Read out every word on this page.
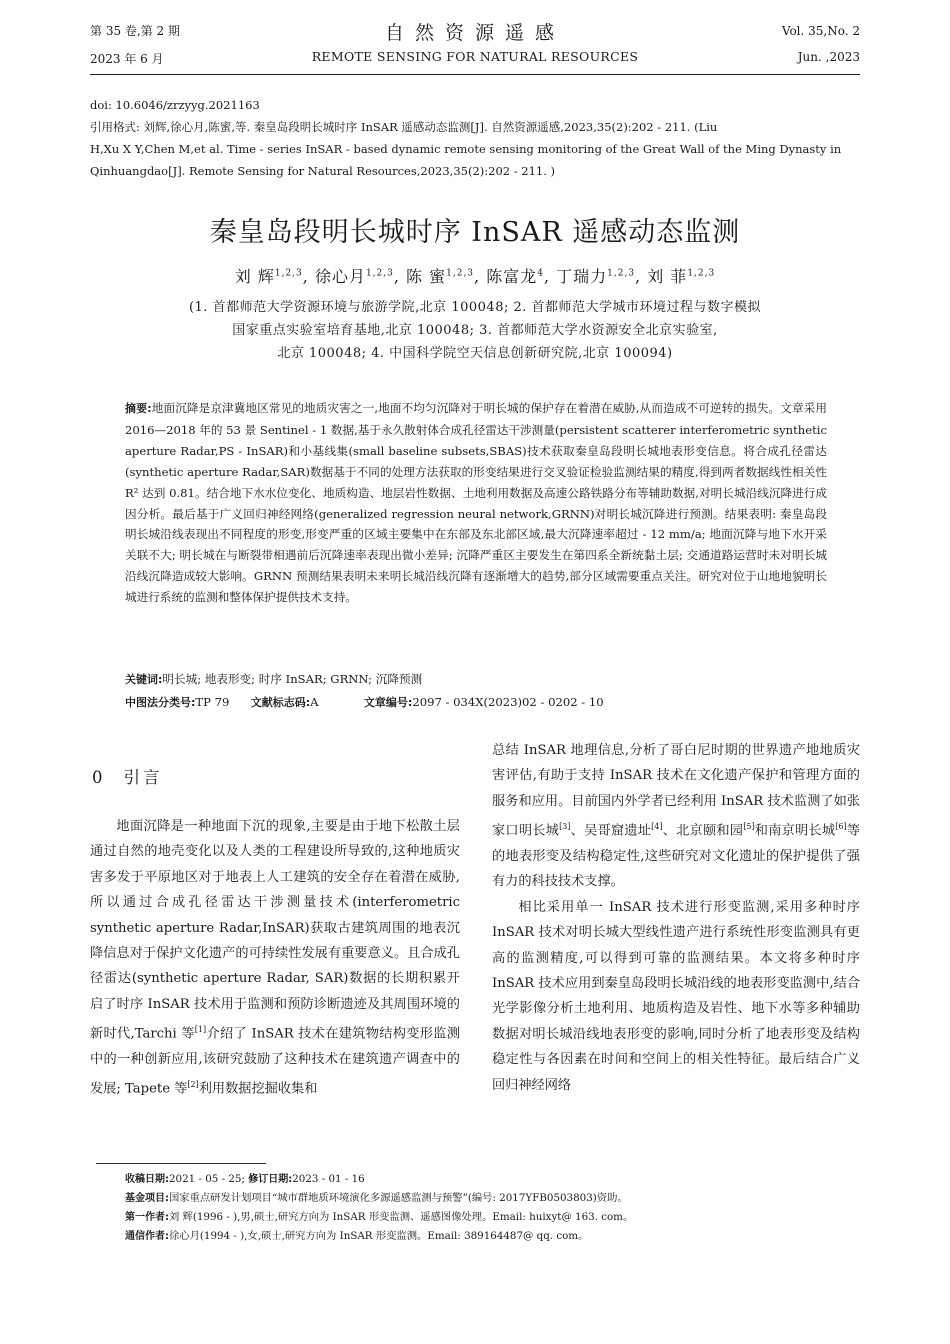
第 35 卷,第 2 期
2023 年 6 月
自然资源遥感
REMOTE SENSING FOR NATURAL RESOURCES
Vol. 35,No. 2
Jun. ,2023
doi: 10.6046/zrzyyg.2021163
引用格式: 刘辉,徐心月,陈蜜,等. 秦皇岛段明长城时序 InSAR 遥感动态监测[J]. 自然资源遥感,2023,35(2):202 - 211. (Liu
H,Xu X Y,Chen M,et al. Time - series InSAR - based dynamic remote sensing monitoring of the Great Wall of the Ming Dynasty in
Qinhuangdao[J]. Remote Sensing for Natural Resources,2023,35(2):202 - 211. )
秦皇岛段明长城时序 InSAR 遥感动态监测
刘 辉$^{1,2,3}$, 徐心月$^{1,2,3}$, 陈 蜜$^{1,2,3}$, 陈富龙$^4$, 丁瑞力$^{1,2,3}$, 刘 菲$^{1,2,3}$
(1. 首都师范大学资源环境与旅游学院,北京 100048; 2. 首都师范大学城市环境过程与数字模拟
国家重点实验室培育基地,北京 100048; 3. 首都师范大学水资源安全北京实验室,
北京 100048; 4. 中国科学院空天信息创新研究院,北京 100094)
摘要:地面沉降是京津冀地区常见的地质灾害之一,地面不均匀沉降对于明长城的保护存在着潜在威胁,从而造成不可逆转的损失。文章采用 2016—2018 年的 53 景 Sentinel - 1 数据,基于永久散射体合成孔径雷达干涉测量(persistent scatterer interferometric synthetic aperture Radar,PS - InSAR)和小基线集(small baseline subsets,SBAS)技术获取秦皇岛段明长城地表形变信息。将合成孔径雷达(synthetic aperture Radar,SAR)数据基于不同的处理方法获取的形变结果进行交叉验证检验监测结果的精度,得到两者数据线性相关性 R² 达到 0.81。结合地下水水位变化、地质构造、地层岩性数据、土地利用数据及高速公路铁路分布等辅助数据,对明长城沿线沉降进行成因分析。最后基于广义回归神经网络(generalized regression neural network,GRNN)对明长城沉降进行预测。结果表明: 秦皇岛段明长城沿线表现出不同程度的形变,形变严重的区域主要集中在东部及东北部区域,最大沉降速率超过 - 12 mm/a; 地面沉降与地下水开采关联不大; 明长城在与断裂带相遇前后沉降速率表现出微小差异; 沉降严重区主要发生在第四系全新统黏土层; 交通道路运营时未对明长城沿线沉降造成较大影响。GRNN 预测结果表明未来明长城沿线沉降有逐渐增大的趋势,部分区域需要重点关注。研究对位于山地地貌明长城进行系统的监测和整体保护提供技术支持。
关键词:明长城; 地表形变; 时序 InSAR; GRNN; 沉降预测
中图法分类号:TP 79 文献标志码:A	文章编号:2097 - 034X(2023)02 - 0202 - 10
0 引言

地面沉降是一种地面下沉的现象,主要是由于地下松散土层通过自然的地壳变化以及人类的工程建设所导致的,这种地质灾害多发于平原地区对于地表上人工建筑的安全存在着潜在威胁,所以通过合成孔径雷达干涉测量技术(interferometric synthetic aperture Radar,InSAR)获取古建筑周围的地表沉降信息对于保护文化遗产的可持续性发展有重要意义。且合成孔径雷达(synthetic aperture Radar, SAR)数据的长期积累开启了时序 InSAR 技术用于监测和预防诊断遗迹及其周围环境的新时代,Tarchi 等[1]介绍了 InSAR 技术在建筑物结构变形监测中的一种创新应用,该研究鼓励了这种技术在建筑遗产调查中的发展; Tapete 等[2]利用数据挖掘收集和

总结 InSAR 地理信息,分析了哥白尼时期的世界遗产地地质灾害评估,有助于支持 InSAR 技术在文化遗产保护和管理方面的服务和应用。目前国内外学者已经利用 InSAR 技术监测了如张家口明长城[3]、吴哥窟遗址[4]、北京颐和园[5]和南京明长城[6]等的地表形变及结构稳定性,这些研究对文化遗址的保护提供了强有力的科技技术支撑。

相比采用单一 InSAR 技术进行形变监测,采用多种时序 InSAR 技术对明长城大型线性遗产进行系统性形变监测具有更高的监测精度,可以得到可靠的监测结果。本文将多种时序 InSAR 技术应用到秦皇岛段明长城沿线的地表形变监测中,结合光学影像分析土地利用、地质构造及岩性、地下水等多种辅助数据对明长城沿线地表形变的影响,同时分析了地表形变及结构稳定性与各因素在时间和空间上的相关性特征。最后结合广义回归神经网络

收稿日期:2021 - 05 - 25; 修订日期:2023 - 01 - 16
基金项目:国家重点研发计划项目“城市群地质环境演化多源遥感监测与预警”(编号: 2017YFB0503803)资助。
第一作者:刘 辉(1996 - ),男,硕士,研究方向为 InSAR 形变监测、遥感图像处理。Email: huixyt@ 163. com。
通信作者:徐心月(1994 - ),女,硕士,研究方向为 InSAR 形变监测。Email: 389164487@ qq. com。
